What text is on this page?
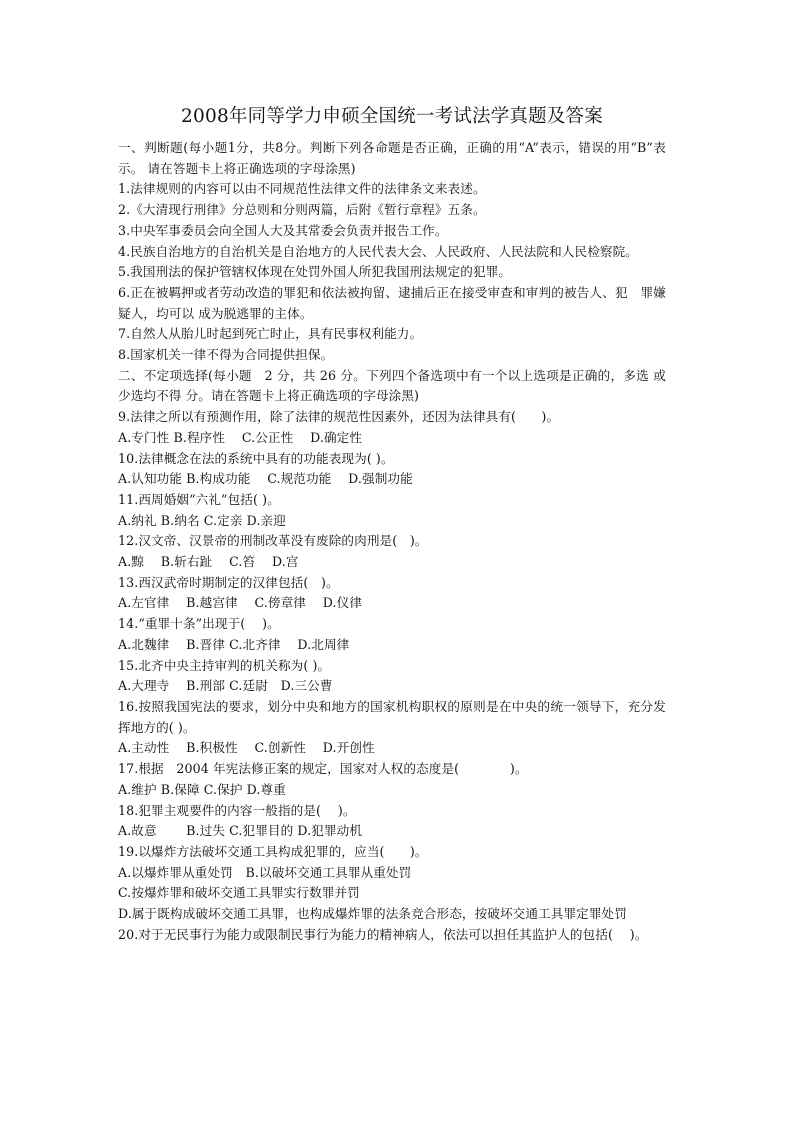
2008年同等学力申硕全国统一考试法学真题及答案

一、判断题(每小题1分，共8分。判断下列各命题是否正确，正确的用“A”表示，错误的用“B”表示。 请在答题卡上将正确选项的字母涂黑)

1.法律规则的内容可以由不同规范性法律文件的法律条文来表述。

2.《大清现行刑律》分总则和分则两篇，后附《暂行章程》五条。

3.中央军事委员会向全国人大及其常委会负责并报告工作。

4.民族自治地方的自治机关是自治地方的人民代表大会、人民政府、人民法院和人民检察院。

5.我国刑法的保护管辖权体现在处罚外国人所犯我国刑法规定的犯罪。

6.正在被羁押或者劳动改造的罪犯和依法被拘留、逮捕后正在接受审查和审判的被告人、犯　罪嫌疑人，均可以 成为脱逃罪的主体。

7.自然人从胎儿时起到死亡时止，具有民事权利能力。

8.国家机关一律不得为合同提供担保。

二、不定项选择(每小题　2 分，共 26 分。下列四个备选项中有一个以上选项是正确的，多选 或少选均不得 分。请在答题卡上将正确选项的字母涂黑)

9.法律之所以有预测作用，除了法律的规范性因素外，还因为法律具有(　　)。

A.专门性 B.程序性　 C.公正性　 D.确定性

10.法律概念在法的系统中具有的功能表现为( )。

A.认知功能 B.构成功能　 C.规范功能　 D.强制功能

11.西周婚姻“六礼”包括( )。

A.纳礼 B.纳名 C.定亲 D.亲迎

12.汉文帝、汉景帝的刑制改革没有废除的肉刑是(　)。

A.黥　 B.斩右趾　 C.笞　 D.宫

13.西汉武帝时期制定的汉律包括(　)。

A.左官律　 B.越宫律　 C.傍章律　 D.仪律

14.“重罪十条”出现于(　 )。

A.北魏律　 B.晋律 C.北齐律　 D.北周律

15.北齐中央主持审判的机关称为( )。

A.大理寺　 B.刑部 C.廷尉　D.三公曹

16.按照我国宪法的要求，划分中央和地方的国家机构职权的原则是在中央的统一领导下，充分发挥地方的( )。

A.主动性　 B.积极性　 C.创新性　 D.开创性

17.根据　2004 年宪法修正案的规定，国家对人权的态度是(　　　　)。

A.维护 B.保障 C.保护 D.尊重

18.犯罪主观要件的内容一般指的是(　 )。

A.故意　　 B.过失 C.犯罪目的 D.犯罪动机

19.以爆炸方法破坏交通工具构成犯罪的，应当(　　)。

A.以爆炸罪从重处罚　B.以破坏交通工具罪从重处罚

C.按爆炸罪和破坏交通工具罪实行数罪并罚

D.属于既构成破坏交通工具罪，也构成爆炸罪的法条竞合形态，按破坏交通工具罪定罪处罚

20.对于无民事行为能力或限制民事行为能力的精神病人，依法可以担任其监护人的包括(　 )。
